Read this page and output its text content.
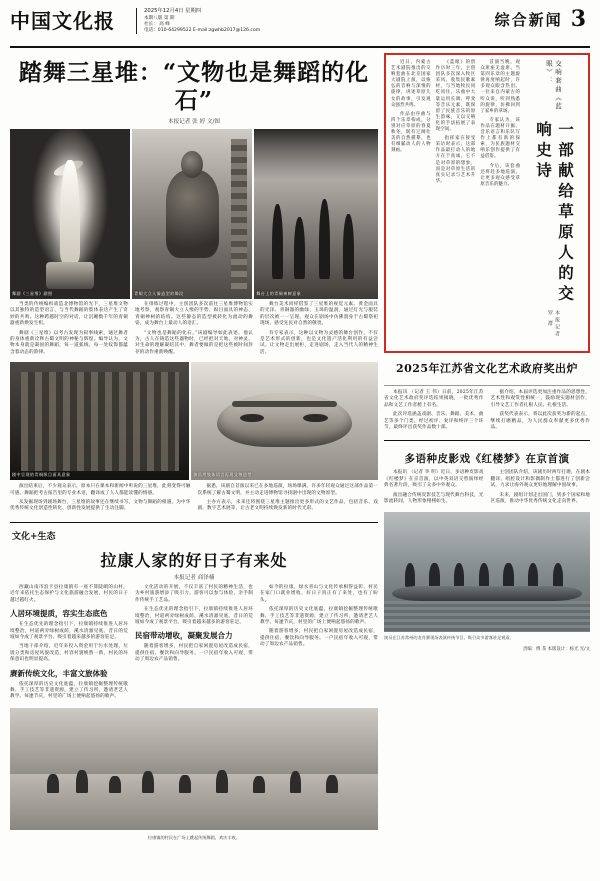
中国文化报	2025年12月4日 星期四
本期八版 第 期
社长： 高 峰
电话：010-64299522 E-mail:zgwhb2017@126.com
综合新闻 3
踏舞三星堆：“文物也是舞蹈的化石”
本报记者 张 婷 文/图
舞剧《三星堆》剧照	青铜大立人像造型的舞段	舞台上的青铜神树意象

当类的传统编织战造北博物馆的光下，三星堆文物以其独特的造型语言，与当代舞蹈的肢体表达产生了奇妙的共鸣。这种跨越时空的对话，让沉睡数千年的青铜器重新焕发生机。

舞剧《三星堆》以考古发现为叙事线索，通过舞者的身体重新诠释古蜀文明的神秘与辉煌。编导认为，文物本身就是凝固的舞蹈，每一道弧线、每一处纹饰都蕴含着动态的韵律。

在排练过程中，主创团队多次前往三星堆博物馆实地考察，观察青铜大立人像的手势、纵目面具的神态、青铜神树的结构。这些静态的造型被转化为流动的舞姿，成为舞台上最动人的语汇。

“文物也是舞蹈的化石。”该剧编导如此表述。他认为，古人在铸造这些器物时，已经把对天地、对神灵、对生命的理解凝结其中，舞者要做的是把这些被时间封存的动作重新唤醒。

舞台美术同样借鉴了三星堆的视觉元素。黄金面具的光泽、青铜器的幽绿、玉璋的温润，通过灯光与服装的层次被一一呈现。观众在剧场中仿佛置身于古蜀祭祀现场，感受先民对自然的敬畏。

有专家表示，这种以文物为灵感的舞台创作，不仅是艺术形式的创新，也是文化遗产活化利用的有益尝试。让文物走出展柜，走进剧场，走入当代人的精神生活。

剧中呈现的青铜纵目面具意象	演员用肢体语言再现文物造型

演出结束后，不少观众表示，原本只在课本和新闻中听说的三星堆，此刻变得可触可感。舞蹈把考古报告里的专业术语，翻译成了人人都能读懂的情感。

从发掘现场到剧场舞台，三星堆的故事还在继续书写。文物与舞蹈的相遇，为中华优秀传统文化创造性转化、创新性发展提供了生动注脚。

据悉，该剧自首演以来已在多地巡演，场场爆满。许多年轻观众通过这部作品第一次系统了解古蜀文明，并主动走进博物馆寻找剧中出现的文物原型。

主办方表示，未来还将围绕三星堆主题推出更多形式的文艺作品，包括音乐、戏剧、数字艺术展等，让古老文明持续焕发新的时代光彩。

文化+生态
拉康人家的好日子有来处
本报记者 商泽楠

西藏山南市浪卡县拉康镇有一座不算陡峭的山村，近年来依托生态保护与文化旅游融合发展，村民的日子越过越红火。

人居环境提质，容实生态底色

在生态优先的理念指引下，拉康镇持续推进人居环境整治，村道两旁绿树成荫，溪水清澈见底。昔日的荒坡如今成了观景平台，吸引着越来越多的游客驻足。

当地干部介绍，近年来投入资金用于污水处理、垃圾分类和房屋风貌改造，村容村貌焕然一新，村民的环保意识也明显提高。

赓新传统文化，丰富文旅体验

依托深厚的历史文化底蕴，拉康镇挖掘整理传统歌舞、手工技艺等非遗资源，建立了传习所，邀请老艺人教学。每逢节庆，村里的广场上便响起悠扬的歌声。

文化活动的开展，不仅丰富了村民的精神生活，也为乡村旅游增添了吸引力。游客可以参与体验，亲手制作传统手工艺品。

在生态优先的理念指引下，拉康镇持续推进人居环境整治，村道两旁绿树成荫，溪水清澈见底。昔日的荒坡如今成了观景平台，吸引着越来越多的游客驻足。

民宿带动增收，凝聚发展合力

随着游客增多，村民把自家闲置房屋改造成民宿，提供住宿、餐饮和向导服务。一户民宿年收入可观，带动了周边农产品销售。

如今的拉康，绿水青山与文化传承相得益彰，村民在家门口就业增收，好日子真正有了来处，也有了盼头。

依托深厚的历史文化底蕴，拉康镇挖掘整理传统歌舞、手工技艺等非遗资源，建立了传习所，邀请老艺人教学。每逢节庆，村里的广场上便响起悠扬的歌声。

随着游客增多，村民把自家闲置房屋改造成民宿，提供住宿、餐饮和向导服务。一户民宿年收入可观，带动了周边农产品销售。

拉康镇的村民在广场上跳起传统舞蹈，欢庆丰收。

近日，内蒙古艺术剧院推出的交响套曲在北京国家大剧院上演，以恢弘的音响与深情的旋律，讲述草原儿女的故事，引发观众强烈共鸣。

作品由序曲与四个乐章构成，分别对应草原的春夏秋冬，既有辽阔壮美的自然描摹，也有细腻动人的人物刻画。

《蓝眼》的创作历时三年，主创团队多次深入牧区采风，收集民歌素材，与当地牧民同吃同住。乐曲中大量运用长调、呼麦等音乐元素，既保留了民族音乐的原生韵味，又以交响化的手法拓展了表现空间。

指挥家在接受采访时表示，这部作品最打动人的地方在于真诚。它不是对草原的想象，而是对草原生活的真实记录与艺术升华。

首演当晚，观众席座无虚席。当第四乐章的主题旋律再度响起时，许多观众眼含热泪。一位来自内蒙古的听众说，听到熟悉的旋律，仿佛回到了家乡的草场。

专家认为，该作品在题材开掘、音乐语言和乐队写作上都有新的探索，为民族题材交响乐创作提供了有益借鉴。

今后，该套曲还将赴多地巡演，让更多观众感受草原音乐的魅力。

交响套曲《蓝眼》：
一部献给草原人的交响史诗
本报记者 罗 群
2025年江苏省文化艺术政府奖出炉

本报讯 （记者 王 伟）日前，2025年江苏省文化艺术政府奖评选结果揭晓，一批优秀作品和文艺工作者榜上有名。

此次评选涵盖戏剧、音乐、舞蹈、美术、曲艺等多个门类，经过初评、复评和终评三个环节，最终评出获奖作品数十部。

据介绍，本届评选更加注重作品的思想性、艺术性和观赏性相统一，鼓励现实题材创作，引导文艺工作者扎根人民、扎根生活。

获奖代表表示，将以此次获奖为新的起点，继续打磨精品，为人民群众奉献更多优秀作品。

多语种皮影戏《红楼梦》在京首演

本报讯 （记者 李 明）近日，多语种皮影戏《红楼梦》在京首演，以中英双语交替演绎经典名著片段，吸引了众多中外观众。

演出融合传统皮影技艺与现代舞台科技，光影流转间，人物形象栩栩如生。

主创团队介绍，该剧历时两年打磨，在剧本翻译、唱腔设计和影偶制作上都进行了创新尝试，力求让海外观众更好地理解中国故事。

未来，剧组计划走出国门，到多个国家和地区巡演，推动中华优秀传统文化走向世界。

演员在江苏常州的龙舟赛现场表演传统节目，吸引众多游客驻足观看。
责编：傅 茶 本版设计：杨光 光/文
